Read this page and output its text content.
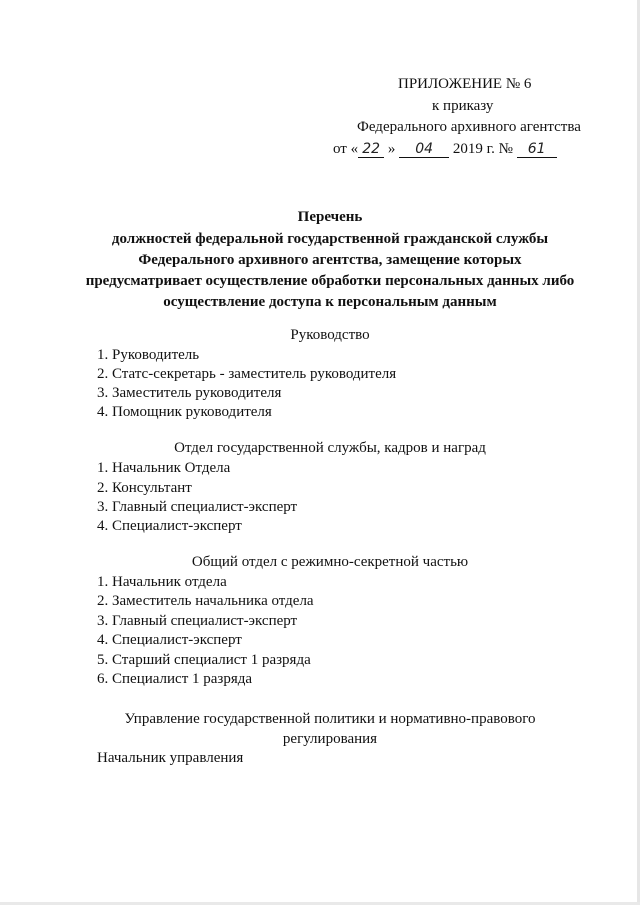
ПРИЛОЖЕНИЕ № 6
к приказу
Федерального архивного агентства
от « 22 » 04 2019 г. № 61
Перечень
должностей федеральной государственной гражданской службы Федерального архивного агентства, замещение которых предусматривает осуществление обработки персональных данных либо осуществление доступа к персональным данным
Руководство
1. Руководитель
2. Статс-секретарь - заместитель руководителя
3. Заместитель руководителя
4. Помощник руководителя
Отдел государственной службы, кадров и наград
1. Начальник Отдела
2. Консультант
3. Главный специалист-эксперт
4. Специалист-эксперт
Общий отдел с режимно-секретной частью
1. Начальник отдела
2. Заместитель начальника отдела
3. Главный специалист-эксперт
4. Специалист-эксперт
5. Старший специалист 1 разряда
6. Специалист 1 разряда
Управление государственной политики и нормативно-правового регулирования
Начальник управления
